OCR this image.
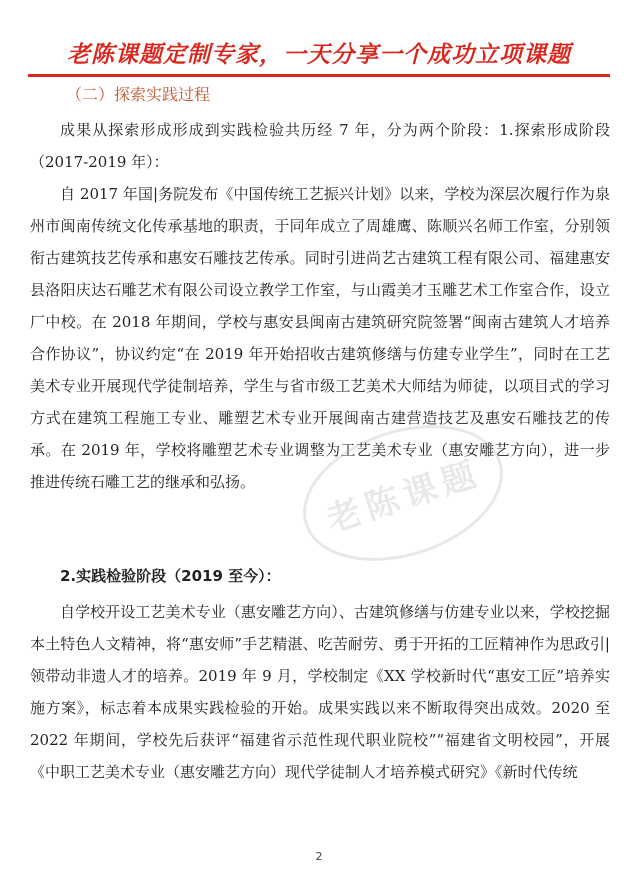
老陈课题定制专家，一天分享一个成功立项课题
（二）探索实践过程

成果从探索形成形成到实践检验共历经 7 年，分为两个阶段：1.探索形成阶段（2017-2019 年）：

自 2017 年国|务院发布《中国传统工艺振兴计划》以来，学校为深层次履行作为泉州市闽南传统文化传承基地的职责，于同年成立了周雄鹰、陈顺兴名师工作室，分别领衔古建筑技艺传承和惠安石雕技艺传承。同时引进尚艺古建筑工程有限公司、福建惠安县洛阳庆达石雕艺术有限公司设立教学工作室，与山霞美才玉雕艺术工作室合作，设立厂中校。在 2018 年期间，学校与惠安县闽南古建筑研究院签署“闽南古建筑人才培养合作协议”，协议约定“在 2019 年开始招收古建筑修缮与仿建专业学生”，同时在工艺美术专业开展现代学徒制培养，学生与省市级工艺美术大师结为师徒，以项目式的学习方式在建筑工程施工专业、雕塑艺术专业开展闽南古建营造技艺及惠安石雕技艺的传承。在 2019 年，学校将雕塑艺术专业调整为工艺美术专业（惠安雕艺方向），进一步推进传统石雕工艺的继承和弘扬。

2.实践检验阶段（2019 至今）：

自学校开设工艺美术专业（惠安雕艺方向）、古建筑修缮与仿建专业以来，学校挖掘本土特色人文精神，将“惠安师”手艺精湛、吃苦耐劳、勇于开拓的工匠精神作为思政引|领带动非遗人才的培养。2019 年 9 月，学校制定《XX 学校新时代“惠安工匠”培养实施方案》，标志着本成果实践检验的开始。成果实践以来不断取得突出成效。2020 至 2022 年期间，学校先后获评“福建省示范性现代职业院校”“福建省文明校园”，开展《中职工艺美术专业（惠安雕艺方向）现代学徒制人才培养模式研究》《新时代传统

老陈课题
2
